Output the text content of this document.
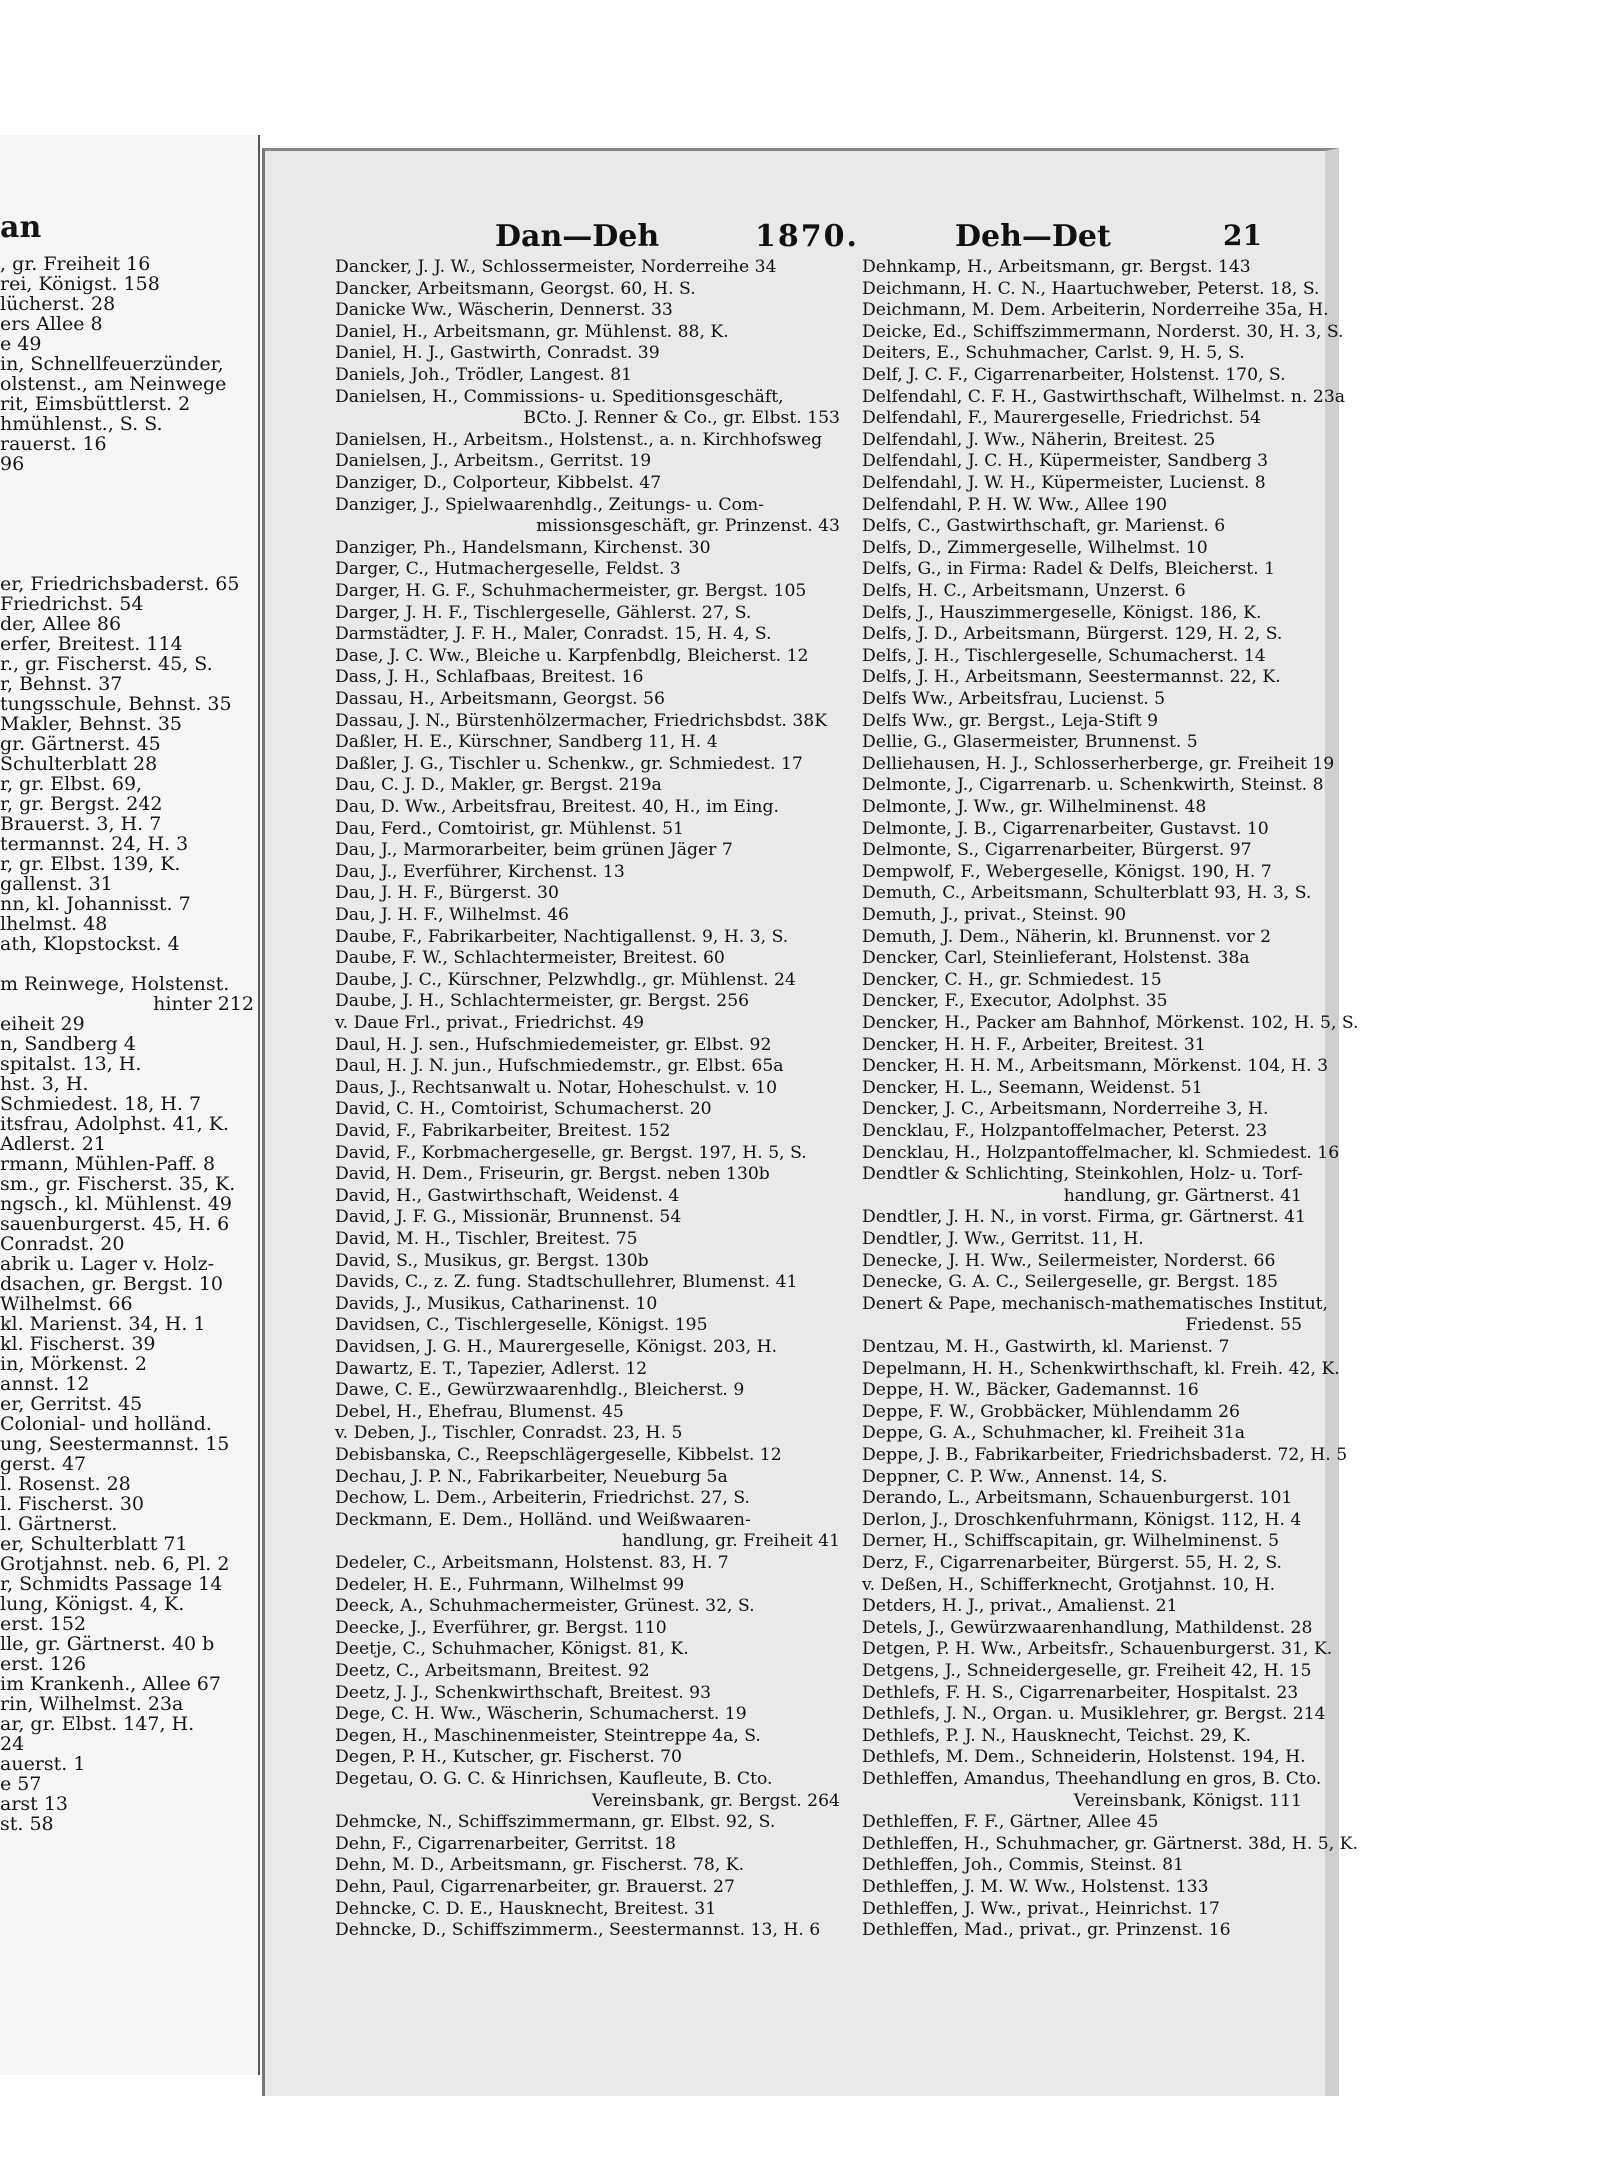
an
, gr. Freiheit 16
rei, Königst. 158
lücherst. 28
ers Allee 8
e 49
in, Schnellfeuerzünder,
olstenst., am Neinwege
rit, Eimsbüttlerst. 2
hmühlenst., S. S.
rauerst. 16
96
er, Friedrichsbaderst. 65
Friedrichst. 54
der, Allee 86
erfer, Breitest. 114
r., gr. Fischerst. 45, S.
r, Behnst. 37
tungsschule, Behnst. 35
Makler, Behnst. 35
gr. Gärtnerst. 45
Schulterblatt 28
r, gr. Elbst. 69,
r, gr. Bergst. 242
Brauerst. 3, H. 7
termannst. 24, H. 3
r, gr. Elbst. 139, K.
gallenst. 31
nn, kl. Johannisst. 7
lhelmst. 48
ath, Klopstockst. 4
m Reinwege, Holstenst.
hinter 212
eiheit 29
n, Sandberg 4
spitalst. 13, H.
hst. 3, H.
Schmiedest. 18, H. 7
itsfrau, Adolphst. 41, K.
Adlerst. 21
rmann, Mühlen-Paff. 8
sm., gr. Fischerst. 35, K.
ngsch., kl. Mühlenst. 49
sauenburgerst. 45, H. 6
Conradst. 20
abrik u. Lager v. Holz-
dsachen, gr. Bergst. 10
Wilhelmst. 66
kl. Marienst. 34, H. 1
kl. Fischerst. 39
in, Mörkenst. 2
annst. 12
er, Gerritst. 45
Colonial- und holländ.
ung, Seestermannst. 15
gerst. 47
l. Rosenst. 28
l. Fischerst. 30
l. Gärtnerst.
er, Schulterblatt 71
Grotjahnst. neb. 6, Pl. 2
r, Schmidts Passage 14
lung, Königst. 4, K.
erst. 152
lle, gr. Gärtnerst. 40 b
erst. 126
im Krankenh., Allee 67
rin, Wilhelmst. 23a
ar, gr. Elbst. 147, H.
24
auerst. 1
e 57
arst 13
st. 58
Dan—Deh	1870.	Deh—Det	21
Dancker, J. J. W., Schlossermeister, Norderreihe 34
Dancker, Arbeitsmann, Georgst. 60, H. S.
Danicke Ww., Wäscherin, Dennerst. 33
Daniel, H., Arbeitsmann, gr. Mühlenst. 88, K.
Daniel, H. J., Gastwirth, Conradst. 39
Daniels, Joh., Trödler, Langest. 81
Danielsen, H., Commissions- u. Speditionsgeschäft,
BCto. J. Renner & Co., gr. Elbst. 153
Danielsen, H., Arbeitsm., Holstenst., a. n. Kirchhofsweg
Danielsen, J., Arbeitsm., Gerritst. 19
Danziger, D., Colporteur, Kibbelst. 47
Danziger, J., Spielwaarenhdlg., Zeitungs- u. Com-
missionsgeschäft, gr. Prinzenst. 43
Danziger, Ph., Handelsmann, Kirchenst. 30
Darger, C., Hutmachergeselle, Feldst. 3
Darger, H. G. F., Schuhmachermeister, gr. Bergst. 105
Darger, J. H. F., Tischlergeselle, Gählerst. 27, S.
Darmstädter, J. F. H., Maler, Conradst. 15, H. 4, S.
Dase, J. C. Ww., Bleiche u. Karpfenbdlg, Bleicherst. 12
Dass, J. H., Schlafbaas, Breitest. 16
Dassau, H., Arbeitsmann, Georgst. 56
Dassau, J. N., Bürstenhölzermacher, Friedrichsbdst. 38K
Daßler, H. E., Kürschner, Sandberg 11, H. 4
Daßler, J. G., Tischler u. Schenkw., gr. Schmiedest. 17
Dau, C. J. D., Makler, gr. Bergst. 219a
Dau, D. Ww., Arbeitsfrau, Breitest. 40, H., im Eing.
Dau, Ferd., Comtoirist, gr. Mühlenst. 51
Dau, J., Marmorarbeiter, beim grünen Jäger 7
Dau, J., Everführer, Kirchenst. 13
Dau, J. H. F., Bürgerst. 30
Dau, J. H. F., Wilhelmst. 46
Daube, F., Fabrikarbeiter, Nachtigallenst. 9, H. 3, S.
Daube, F. W., Schlachtermeister, Breitest. 60
Daube, J. C., Kürschner, Pelzwhdlg., gr. Mühlenst. 24
Daube, J. H., Schlachtermeister, gr. Bergst. 256
v. Daue Frl., privat., Friedrichst. 49
Daul, H. J. sen., Hufschmiedemeister, gr. Elbst. 92
Daul, H. J. N. jun., Hufschmiedemstr., gr. Elbst. 65a
Daus, J., Rechtsanwalt u. Notar, Hoheschulst. v. 10
David, C. H., Comtoirist, Schumacherst. 20
David, F., Fabrikarbeiter, Breitest. 152
David, F., Korbmachergeselle, gr. Bergst. 197, H. 5, S.
David, H. Dem., Friseurin, gr. Bergst. neben 130b
David, H., Gastwirthschaft, Weidenst. 4
David, J. F. G., Missionär, Brunnenst. 54
David, M. H., Tischler, Breitest. 75
David, S., Musikus, gr. Bergst. 130b
Davids, C., z. Z. fung. Stadtschullehrer, Blumenst. 41
Davids, J., Musikus, Catharinenst. 10
Davidsen, C., Tischlergeselle, Königst. 195
Davidsen, J. G. H., Maurergeselle, Königst. 203, H.
Dawartz, E. T., Tapezier, Adlerst. 12
Dawe, C. E., Gewürzwaarenhdlg., Bleicherst. 9
Debel, H., Ehefrau, Blumenst. 45
v. Deben, J., Tischler, Conradst. 23, H. 5
Debisbanska, C., Reepschlägergeselle, Kibbelst. 12
Dechau, J. P. N., Fabrikarbeiter, Neueburg 5a
Dechow, L. Dem., Arbeiterin, Friedrichst. 27, S.
Deckmann, E. Dem., Holländ. und Weißwaaren-
handlung, gr. Freiheit 41
Dedeler, C., Arbeitsmann, Holstenst. 83, H. 7
Dedeler, H. E., Fuhrmann, Wilhelmst 99
Deeck, A., Schuhmachermeister, Grünest. 32, S.
Deecke, J., Everführer, gr. Bergst. 110
Deetje, C., Schuhmacher, Königst. 81, K.
Deetz, C., Arbeitsmann, Breitest. 92
Deetz, J. J., Schenkwirthschaft, Breitest. 93
Dege, C. H. Ww., Wäscherin, Schumacherst. 19
Degen, H., Maschinenmeister, Steintreppe 4a, S.
Degen, P. H., Kutscher, gr. Fischerst. 70
Degetau, O. G. C. & Hinrichsen, Kaufleute, B. Cto.
Vereinsbank, gr. Bergst. 264
Dehmcke, N., Schiffszimmermann, gr. Elbst. 92, S.
Dehn, F., Cigarrenarbeiter, Gerritst. 18
Dehn, M. D., Arbeitsmann, gr. Fischerst. 78, K.
Dehn, Paul, Cigarrenarbeiter, gr. Brauerst. 27
Dehncke, C. D. E., Hausknecht, Breitest. 31
Dehncke, D., Schiffszimmerm., Seestermannst. 13, H. 6
Dehnkamp, H., Arbeitsmann, gr. Bergst. 143
Deichmann, H. C. N., Haartuchweber, Peterst. 18, S.
Deichmann, M. Dem. Arbeiterin, Norderreihe 35a, H.
Deicke, Ed., Schiffszimmermann, Norderst. 30, H. 3, S.
Deiters, E., Schuhmacher, Carlst. 9, H. 5, S.
Delf, J. C. F., Cigarrenarbeiter, Holstenst. 170, S.
Delfendahl, C. F. H., Gastwirthschaft, Wilhelmst. n. 23a
Delfendahl, F., Maurergeselle, Friedrichst. 54
Delfendahl, J. Ww., Näherin, Breitest. 25
Delfendahl, J. C. H., Küpermeister, Sandberg 3
Delfendahl, J. W. H., Küpermeister, Lucienst. 8
Delfendahl, P. H. W. Ww., Allee 190
Delfs, C., Gastwirthschaft, gr. Marienst. 6
Delfs, D., Zimmergeselle, Wilhelmst. 10
Delfs, G., in Firma: Radel & Delfs, Bleicherst. 1
Delfs, H. C., Arbeitsmann, Unzerst. 6
Delfs, J., Hauszimmergeselle, Königst. 186, K.
Delfs, J. D., Arbeitsmann, Bürgerst. 129, H. 2, S.
Delfs, J. H., Tischlergeselle, Schumacherst. 14
Delfs, J. H., Arbeitsmann, Seestermannst. 22, K.
Delfs Ww., Arbeitsfrau, Lucienst. 5
Delfs Ww., gr. Bergst., Leja-Stift 9
Dellie, G., Glasermeister, Brunnenst. 5
Delliehausen, H. J., Schlosserherberge, gr. Freiheit 19
Delmonte, J., Cigarrenarb. u. Schenkwirth, Steinst. 8
Delmonte, J. Ww., gr. Wilhelminenst. 48
Delmonte, J. B., Cigarrenarbeiter, Gustavst. 10
Delmonte, S., Cigarrenarbeiter, Bürgerst. 97
Dempwolf, F., Webergeselle, Königst. 190, H. 7
Demuth, C., Arbeitsmann, Schulterblatt 93, H. 3, S.
Demuth, J., privat., Steinst. 90
Demuth, J. Dem., Näherin, kl. Brunnenst. vor 2
Dencker, Carl, Steinlieferant, Holstenst. 38a
Dencker, C. H., gr. Schmiedest. 15
Dencker, F., Executor, Adolphst. 35
Dencker, H., Packer am Bahnhof, Mörkenst. 102, H. 5, S.
Dencker, H. H. F., Arbeiter, Breitest. 31
Dencker, H. H. M., Arbeitsmann, Mörkenst. 104, H. 3
Dencker, H. L., Seemann, Weidenst. 51
Dencker, J. C., Arbeitsmann, Norderreihe 3, H.
Dencklau, F., Holzpantoffelmacher, Peterst. 23
Dencklau, H., Holzpantoffelmacher, kl. Schmiedest. 16
Dendtler & Schlichting, Steinkohlen, Holz- u. Torf-
handlung, gr. Gärtnerst. 41
Dendtler, J. H. N., in vorst. Firma, gr. Gärtnerst. 41
Dendtler, J. Ww., Gerritst. 11, H.
Denecke, J. H. Ww., Seilermeister, Norderst. 66
Denecke, G. A. C., Seilergeselle, gr. Bergst. 185
Denert & Pape, mechanisch-mathematisches Institut,
Friedenst. 55
Dentzau, M. H., Gastwirth, kl. Marienst. 7
Depelmann, H. H., Schenkwirthschaft, kl. Freih. 42, K.
Deppe, H. W., Bäcker, Gademannst. 16
Deppe, F. W., Grobbäcker, Mühlendamm 26
Deppe, G. A., Schuhmacher, kl. Freiheit 31a
Deppe, J. B., Fabrikarbeiter, Friedrichsbaderst. 72, H. 5
Deppner, C. P. Ww., Annenst. 14, S.
Derando, L., Arbeitsmann, Schauenburgerst. 101
Derlon, J., Droschkenfuhrmann, Königst. 112, H. 4
Derner, H., Schiffscapitain, gr. Wilhelminenst. 5
Derz, F., Cigarrenarbeiter, Bürgerst. 55, H. 2, S.
v. Deßen, H., Schifferknecht, Grotjahnst. 10, H.
Detders, H. J., privat., Amalienst. 21
Detels, J., Gewürzwaarenhandlung, Mathildenst. 28
Detgen, P. H. Ww., Arbeitsfr., Schauenburgerst. 31, K.
Detgens, J., Schneidergeselle, gr. Freiheit 42, H. 15
Dethlefs, F. H. S., Cigarrenarbeiter, Hospitalst. 23
Dethlefs, J. N., Organ. u. Musiklehrer, gr. Bergst. 214
Dethlefs, P. J. N., Hausknecht, Teichst. 29, K.
Dethlefs, M. Dem., Schneiderin, Holstenst. 194, H.
Dethleffen, Amandus, Theehandlung en gros, B. Cto.
Vereinsbank, Königst. 111
Dethleffen, F. F., Gärtner, Allee 45
Dethleffen, H., Schuhmacher, gr. Gärtnerst. 38d, H. 5, K.
Dethleffen, Joh., Commis, Steinst. 81
Dethleffen, J. M. W. Ww., Holstenst. 133
Dethleffen, J. Ww., privat., Heinrichst. 17
Dethleffen, Mad., privat., gr. Prinzenst. 16
